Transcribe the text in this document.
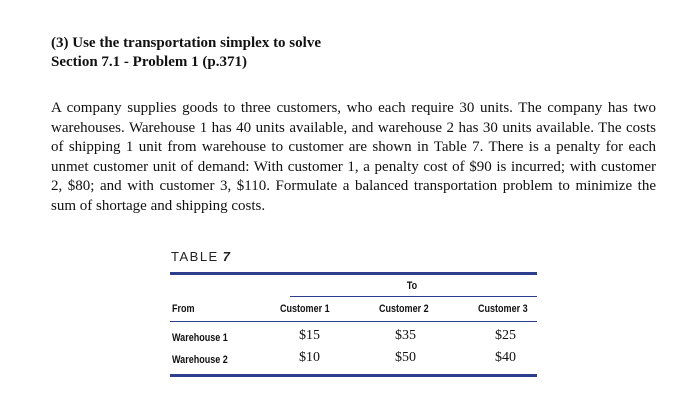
(3) Use the transportation simplex to solve
Section 7.1 - Problem 1 (p.371)

A company supplies goods to three customers, who each require 30 units. The company has two warehouses. Warehouse 1 has 40 units available, and warehouse 2 has 30 units available. The costs of shipping 1 unit from warehouse to customer are shown in Table 7. There is a penalty for each unmet customer unit of demand: With customer 1, a penalty cost of $90 is incurred; with customer 2, $80; and with customer 3, $110. Formulate a balanced transportation problem to minimize the sum of shortage and shipping costs.

TABLE 7
To
From	Customer 1	Customer 2	Customer 3
Warehouse 1	$15	$35	$25
Warehouse 2	$10	$50	$40
